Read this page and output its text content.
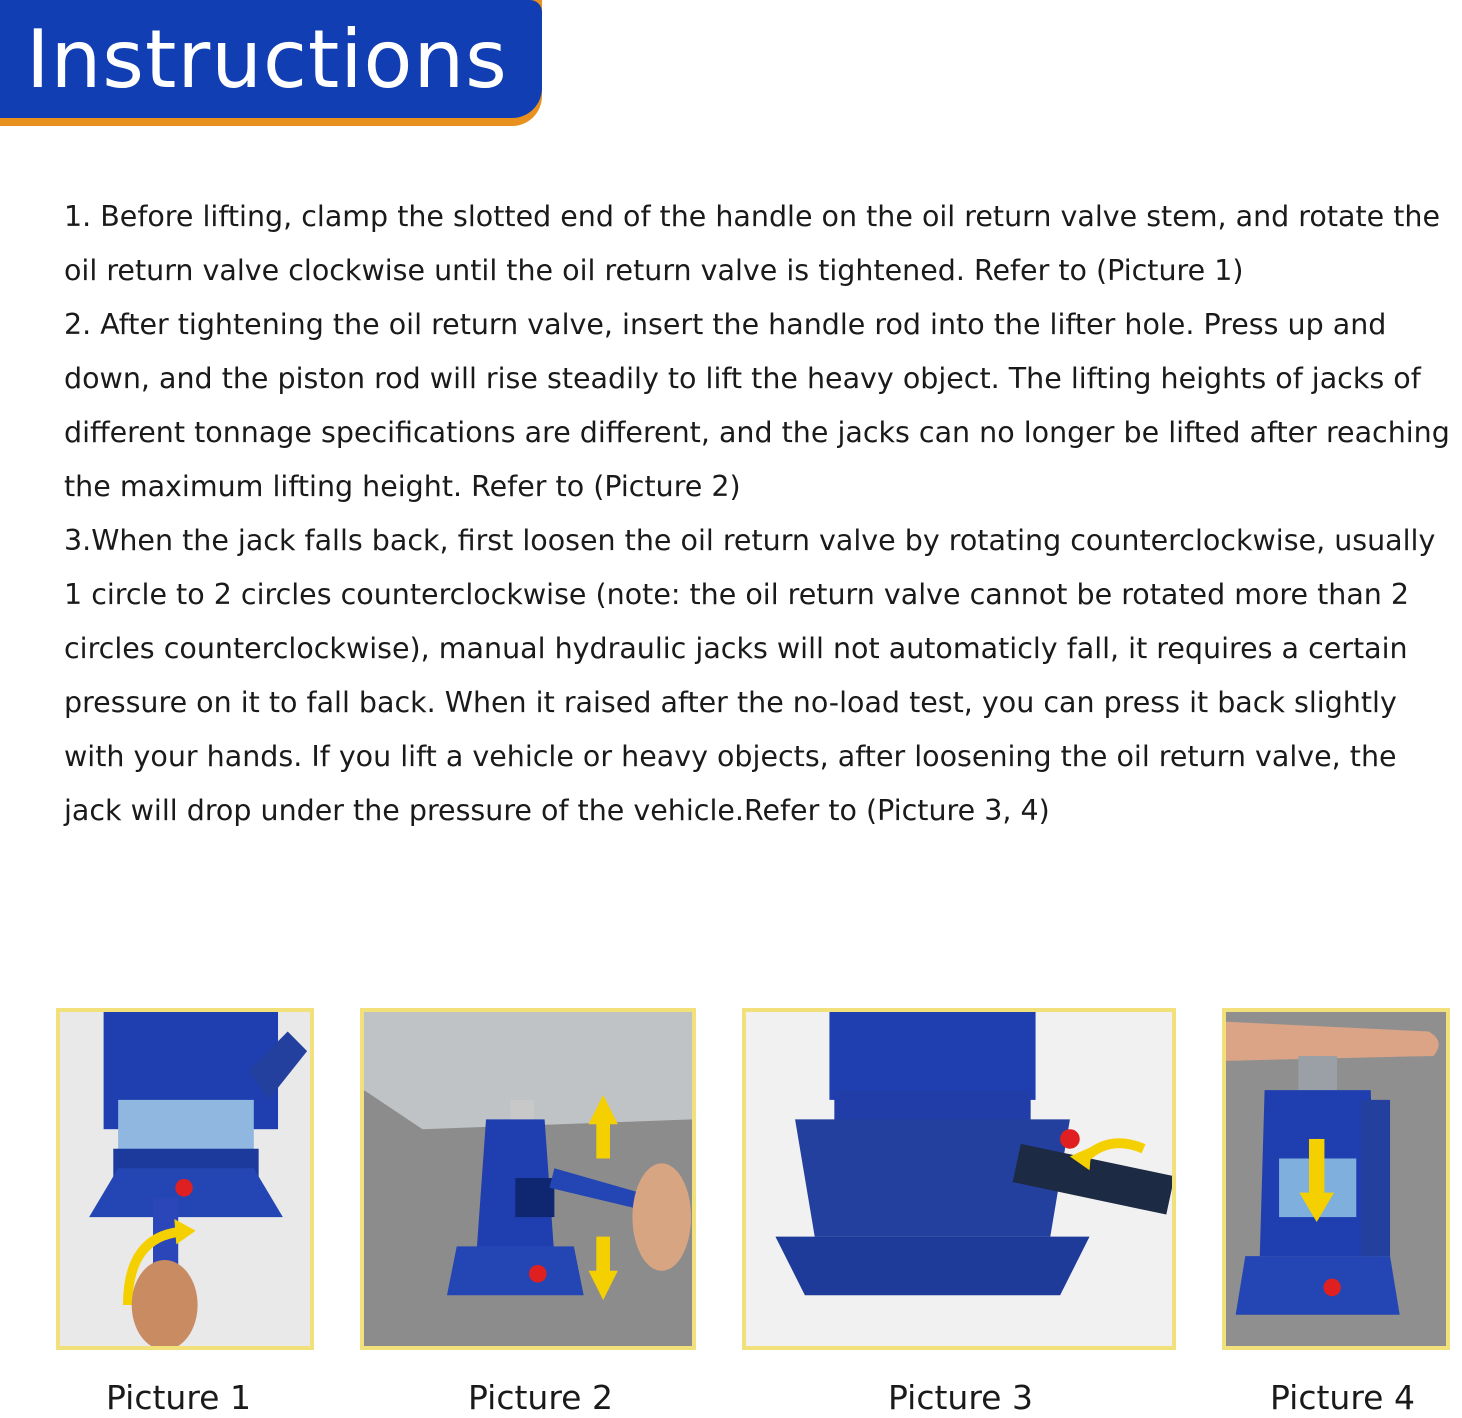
Instructions

1. Before lifting, clamp the slotted end of the handle on the oil return valve stem, and rotate the oil return valve clockwise until the oil return valve is tightened. Refer to (Picture 1)

2. After tightening the oil return valve, insert the handle rod into the lifter hole. Press up and down, and the piston rod will rise steadily to lift the heavy object. The lifting heights of jacks of different tonnage specifications are different, and the jacks can no longer be lifted after reaching the maximum lifting height. Refer to (Picture 2)

3.When the jack falls back, first loosen the oil return valve by rotating counterclockwise, usually 1 circle to 2 circles counterclockwise (note: the oil return valve cannot be rotated more than 2 circles counterclockwise), manual hydraulic jacks will not automaticly fall, it requires a certain pressure on it to fall back. When it raised after the no-load test, you can press it back slightly with your hands. If you lift a vehicle or heavy objects, after loosening the oil return valve, the jack will drop under the pressure of the vehicle.Refer to (Picture 3, 4)

Picture 1	Picture 2	Picture 3	Picture 4
